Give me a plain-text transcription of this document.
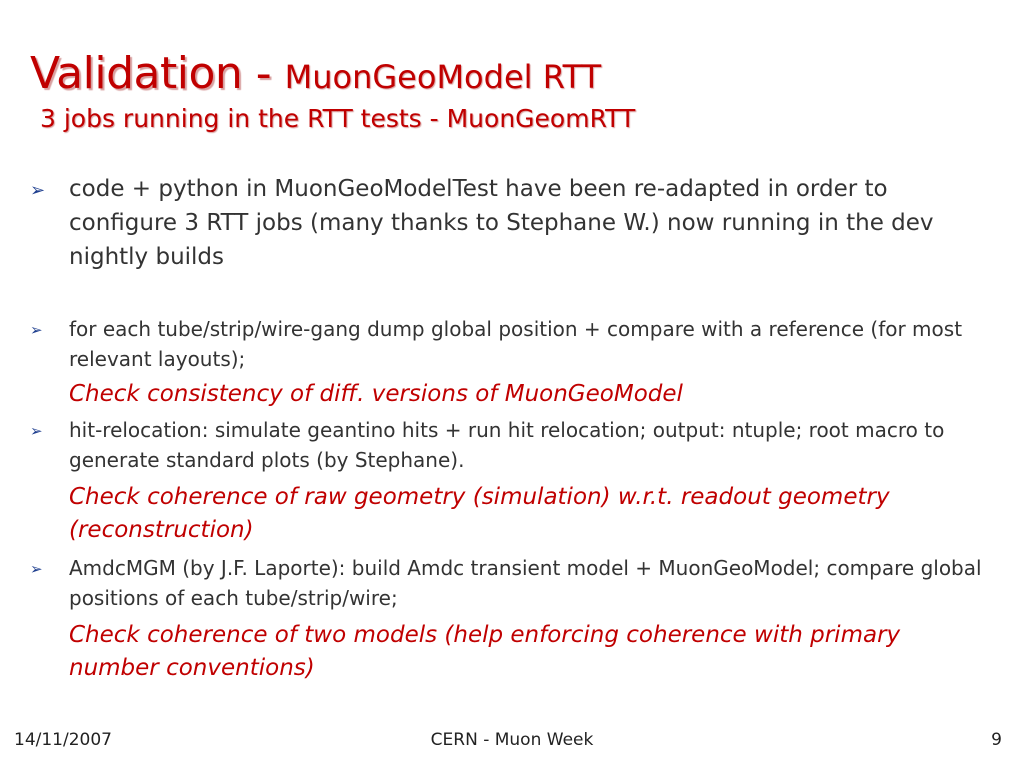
Validation - MuonGeoModel RTT
3 jobs running in the RTT tests - MuonGeomRTT
➢ code + python in MuonGeoModelTest have been re-adapted in order to configure 3 RTT jobs (many thanks to Stephane W.) now running in the dev nightly builds
➢ for each tube/strip/wire-gang dump global position + compare with a reference (for most relevant layouts);
Check consistency of diff. versions of MuonGeoModel
➢ hit-relocation: simulate geantino hits + run hit relocation; output: ntuple; root macro to generate standard plots (by Stephane).
Check coherence of raw geometry (simulation) w.r.t. readout geometry (reconstruction)
➢ AmdcMGM (by J.F. Laporte): build Amdc transient model + MuonGeoModel; compare global positions of each tube/strip/wire;
Check coherence of two models (help enforcing coherence with primary number conventions)
14/11/2007	CERN - Muon Week	9
